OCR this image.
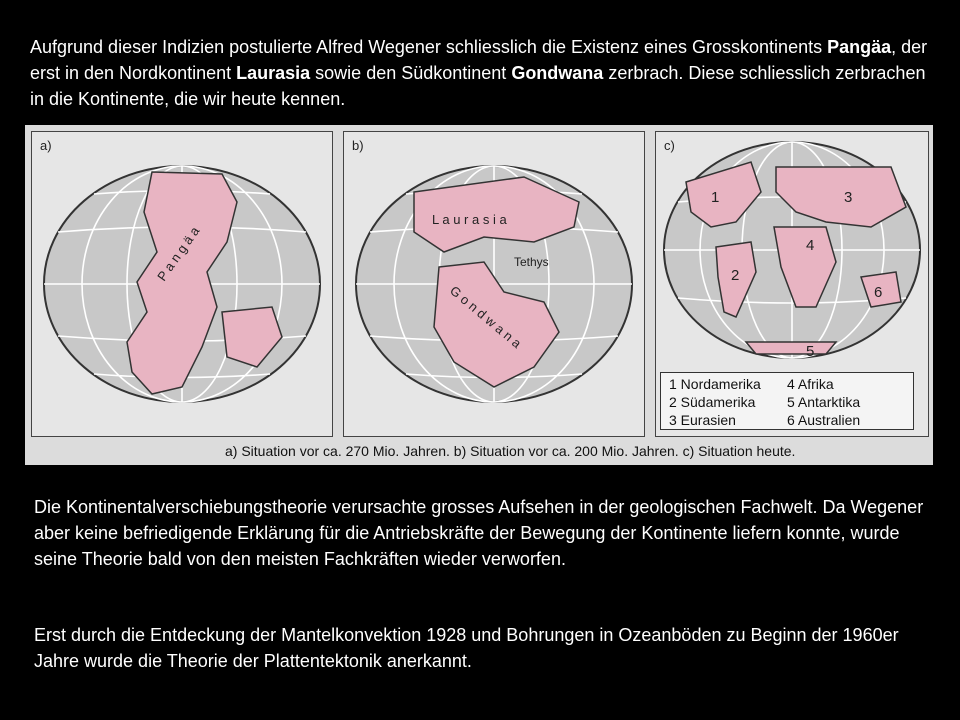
Aufgrund dieser Indizien postulierte Alfred Wegener schliesslich die Existenz eines Grosskontinents Pangäa, der erst in den Nordkontinent Laurasia sowie den Südkontinent Gondwana zerbrach. Diese schliesslich zerbrachen in die Kontinente, die wir heute kennen.

P a n g ä a
a)
L a u r a s i a
Tethys
G o n d w a n a
b)
1
2
3
4
5
6
c)
1 Nordamerika	4 Afrika
2 Südamerika	5 Antarktika
3 Eurasien	6 Australien
a) Situation vor ca. 270 Mio. Jahren. b) Situation vor ca. 200 Mio. Jahren. c) Situation heute.

Die Kontinentalverschiebungstheorie verursachte grosses Aufsehen in der geologischen Fachwelt. Da Wegener aber keine befriedigende Erklärung für die Antriebskräfte der Bewegung der Kontinente liefern konnte, wurde seine Theorie bald von den meisten Fachkräften wieder verworfen.

Erst durch die Entdeckung der Mantelkonvektion 1928 und Bohrungen in Ozeanböden zu Beginn der 1960er Jahre wurde die Theorie der Plattentektonik anerkannt.
